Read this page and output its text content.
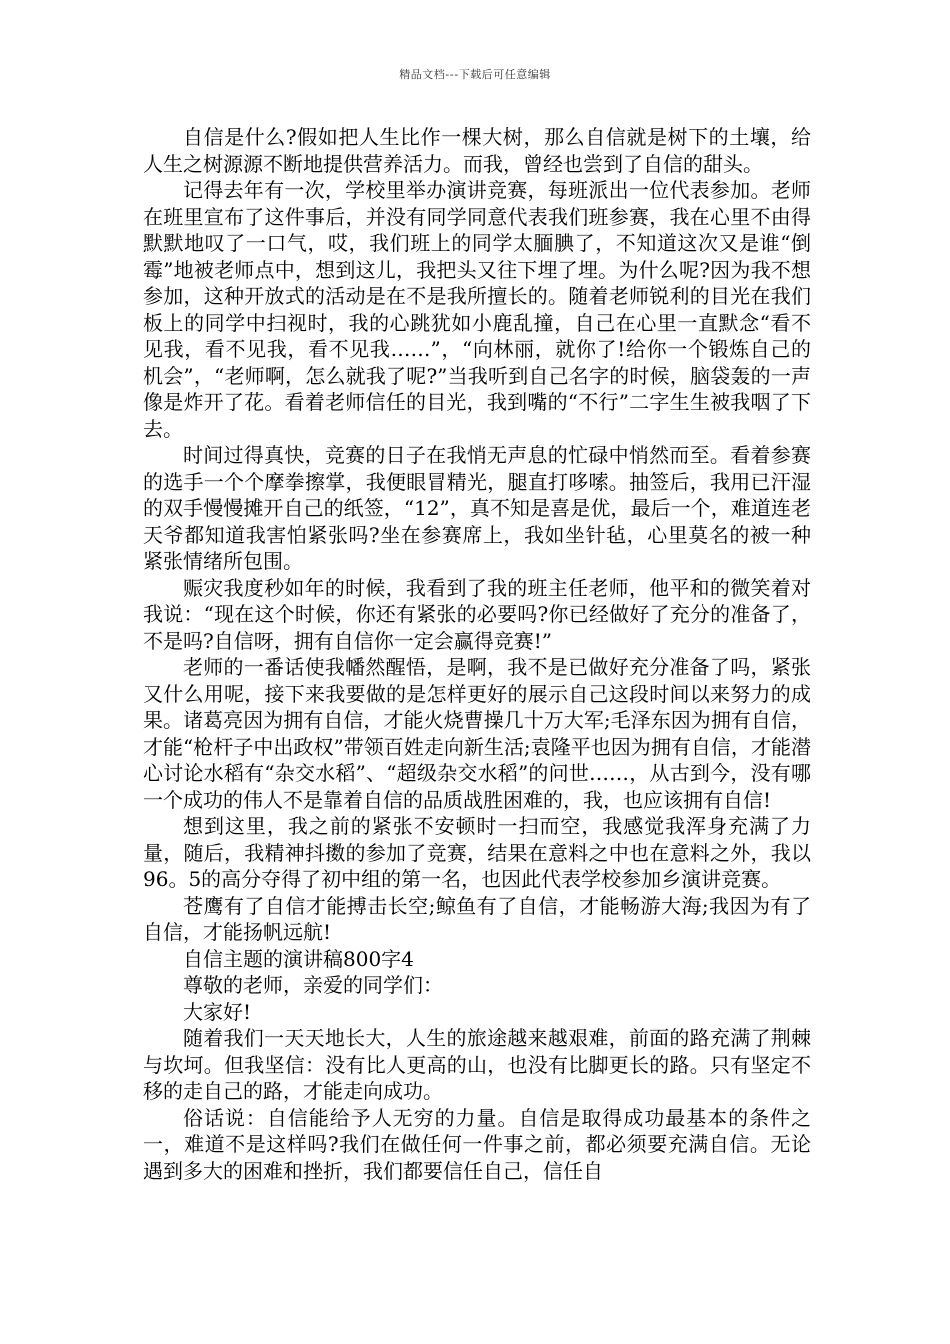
精品文档---下载后可任意编辑

自信是什么?假如把人生比作一棵大树，那么自信就是树下的土壤，给人生之树源源不断地提供营养活力。而我，曾经也尝到了自信的甜头。

记得去年有一次，学校里举办演讲竞赛，每班派出一位代表参加。老师在班里宣布了这件事后，并没有同学同意代表我们班参赛，我在心里不由得默默地叹了一口气，哎，我们班上的同学太腼腆了，不知道这次又是谁“倒霉”地被老师点中，想到这儿，我把头又往下埋了埋。为什么呢?因为我不想参加，这种开放式的活动是在不是我所擅长的。随着老师锐利的目光在我们板上的同学中扫视时，我的心跳犹如小鹿乱撞，自己在心里一直默念“看不见我，看不见我，看不见我……”，“向林丽，就你了!给你一个锻炼自己的机会”，“老师啊，怎么就我了呢?”当我听到自己名字的时候，脑袋轰的一声像是炸开了花。看着老师信任的目光，我到嘴的“不行”二字生生被我咽了下去。

时间过得真快，竞赛的日子在我悄无声息的忙碌中悄然而至。看着参赛的选手一个个摩拳擦掌，我便眼冒精光，腿直打哆嗦。抽签后，我用已汗湿的双手慢慢摊开自己的纸签，“12”，真不知是喜是优，最后一个，难道连老天爷都知道我害怕紧张吗?坐在参赛席上，我如坐针毡，心里莫名的被一种紧张情绪所包围。

赈灾我度秒如年的时候，我看到了我的班主任老师，他平和的微笑着对我说：“现在这个时候，你还有紧张的必要吗?你已经做好了充分的准备了，不是吗?自信呀，拥有自信你一定会赢得竞赛!”

老师的一番话使我幡然醒悟，是啊，我不是已做好充分准备了吗，紧张又什么用呢，接下来我要做的是怎样更好的展示自己这段时间以来努力的成果。诸葛亮因为拥有自信，才能火烧曹操几十万大军;毛泽东因为拥有自信，才能“枪杆子中出政权”带领百姓走向新生活;袁隆平也因为拥有自信，才能潜心讨论水稻有“杂交水稻”、“超级杂交水稻”的问世……，从古到今，没有哪一个成功的伟人不是靠着自信的品质战胜困难的，我，也应该拥有自信!

想到这里，我之前的紧张不安顿时一扫而空，我感觉我浑身充满了力量，随后，我精神抖擞的参加了竞赛，结果在意料之中也在意料之外，我以96。5的高分夺得了初中组的第一名，也因此代表学校参加乡演讲竞赛。

苍鹰有了自信才能搏击长空;鲸鱼有了自信，才能畅游大海;我因为有了自信，才能扬帆远航!

自信主题的演讲稿800字4

尊敬的老师，亲爱的同学们：

大家好!

随着我们一天天地长大，人生的旅途越来越艰难，前面的路充满了荆棘与坎坷。但我坚信：没有比人更高的山，也没有比脚更长的路。只有坚定不移的走自己的路，才能走向成功。

俗话说：自信能给予人无穷的力量。自信是取得成功最基本的条件之一，难道不是这样吗?我们在做任何一件事之前，都必须要充满自信。无论遇到多大的困难和挫折，我们都要信任自己，信任自
